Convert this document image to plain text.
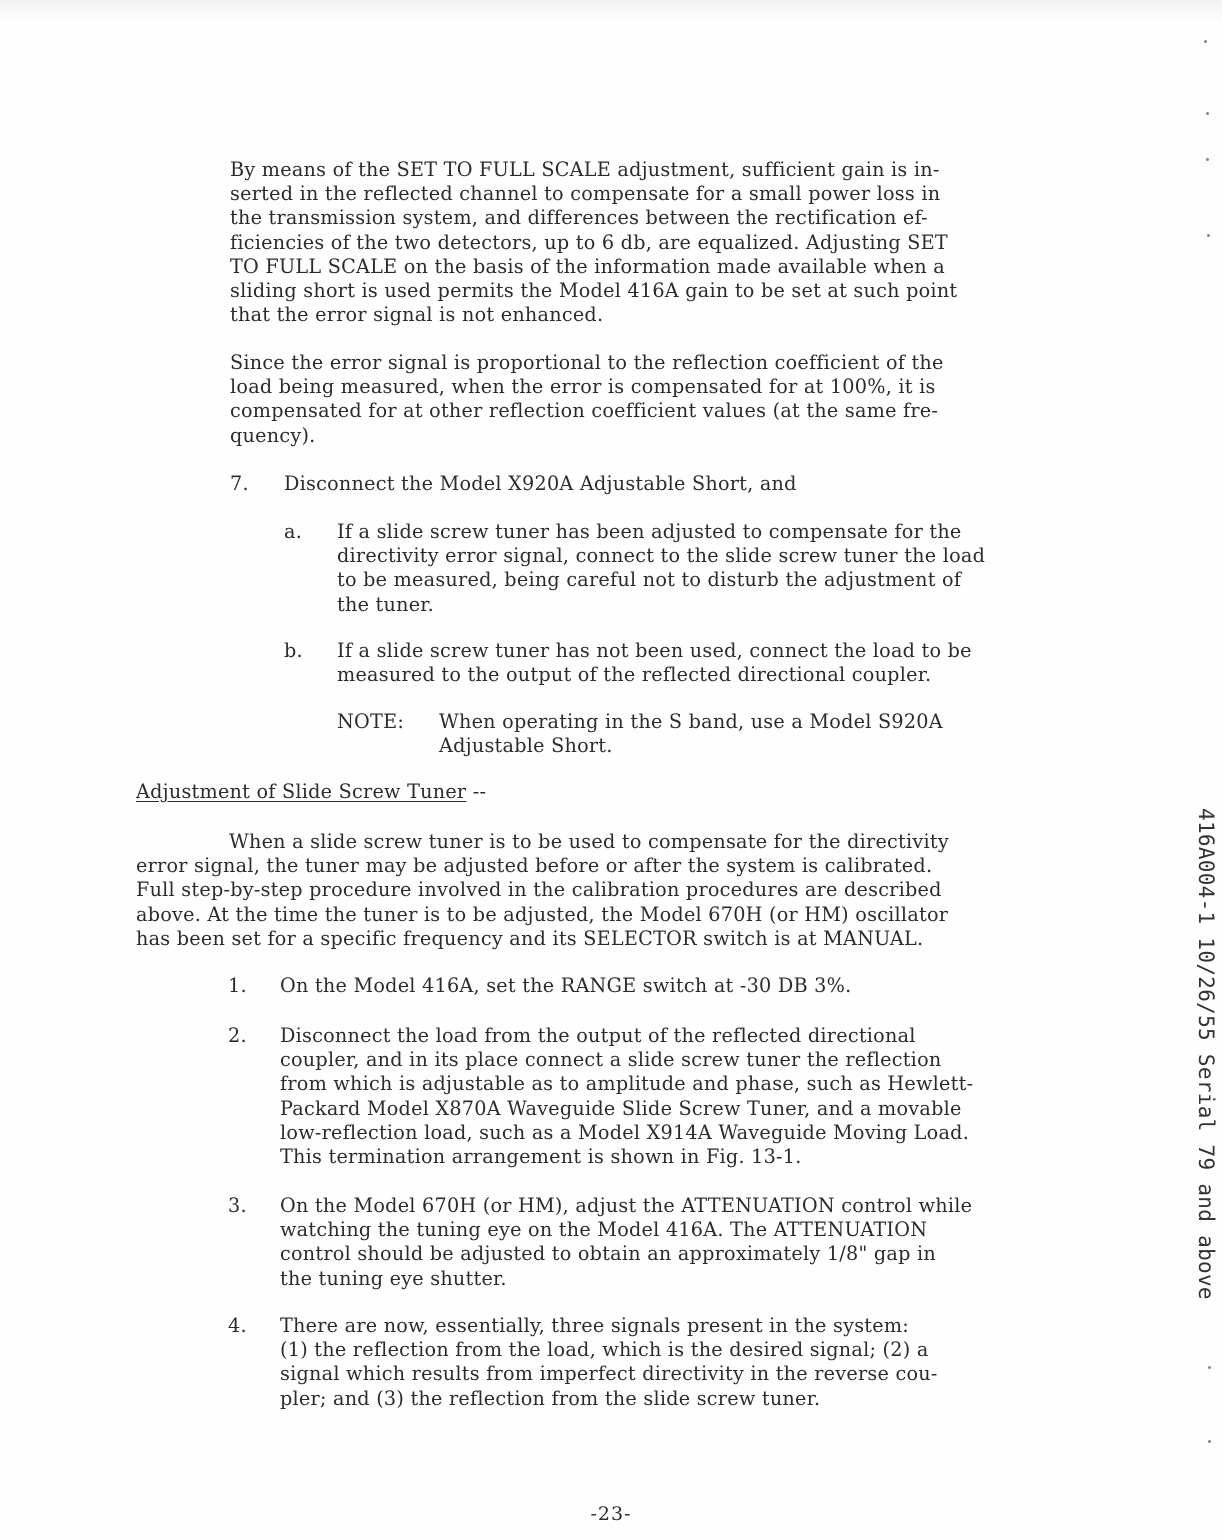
By means of the SET TO FULL SCALE adjustment, sufficient gain is in-
serted in the reflected channel to compensate for a small power loss in
the transmission system, and differences between the rectification ef-
ficiencies of the two detectors, up to 6 db, are equalized. Adjusting SET
TO FULL SCALE on the basis of the information made available when a
sliding short is used permits the Model 416A gain to be set at such point
that the error signal is not enhanced.
Since the error signal is proportional to the reflection coefficient of the
load being measured, when the error is compensated for at 100%, it is
compensated for at other reflection coefficient values (at the same fre-
quency).
7. Disconnect the Model X920A Adjustable Short, and
a. If a slide screw tuner has been adjusted to compensate for the
directivity error signal, connect to the slide screw tuner the load
to be measured, being careful not to disturb the adjustment of
the tuner.
b. If a slide screw tuner has not been used, connect the load to be
measured to the output of the reflected directional coupler.
NOTE: When operating in the S band, use a Model S920A
Adjustable Short.
Adjustment of Slide Screw Tuner --
When a slide screw tuner is to be used to compensate for the directivity
error signal, the tuner may be adjusted before or after the system is calibrated.
Full step-by-step procedure involved in the calibration procedures are described
above. At the time the tuner is to be adjusted, the Model 670H (or HM) oscillator
has been set for a specific frequency and its SELECTOR switch is at MANUAL.
1. On the Model 416A, set the RANGE switch at -30 DB 3%.
2. Disconnect the load from the output of the reflected directional
coupler, and in its place connect a slide screw tuner the reflection
from which is adjustable as to amplitude and phase, such as Hewlett-
Packard Model X870A Waveguide Slide Screw Tuner, and a movable
low-reflection load, such as a Model X914A Waveguide Moving Load.
This termination arrangement is shown in Fig. 13-1.
3. On the Model 670H (or HM), adjust the ATTENUATION control while
watching the tuning eye on the Model 416A. The ATTENUATION
control should be adjusted to obtain an approximately 1/8" gap in
the tuning eye shutter.
4. There are now, essentially, three signals present in the system:
(1) the reflection from the load, which is the desired signal; (2) a
signal which results from imperfect directivity in the reverse cou-
pler; and (3) the reflection from the slide screw tuner.
416A004-1 10/26/55 Serial 79 and above
-23-
